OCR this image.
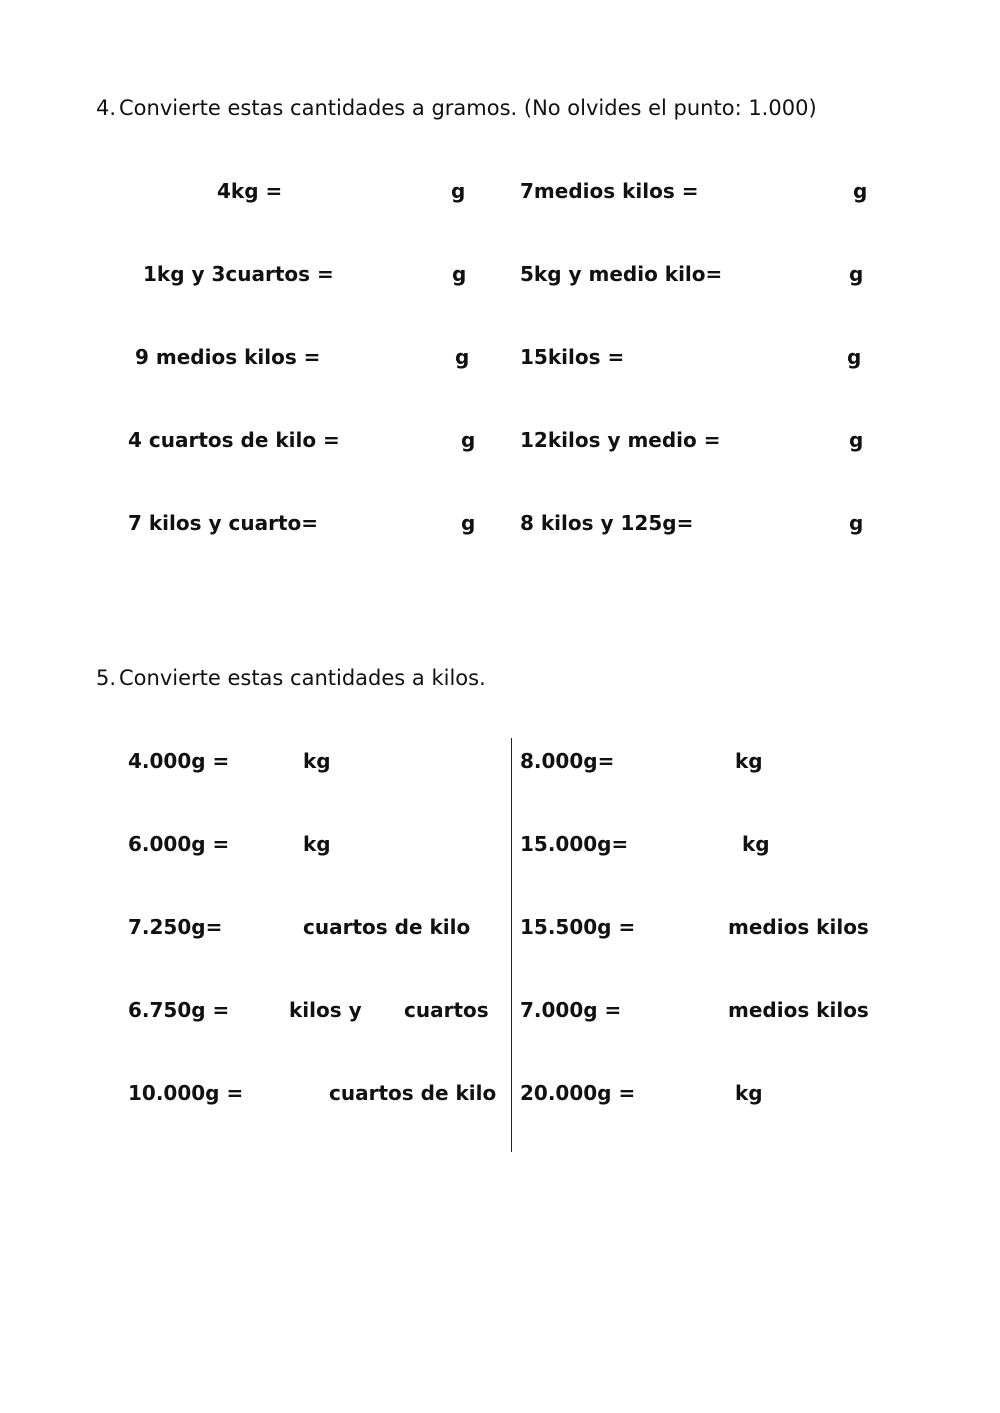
4. Convierte estas cantidades a gramos. (No olvides el punto: 1.000)
4kg =	g	7medios kilos =	g
1kg y 3cuartos =	g	5kg y medio kilo=	g
9 medios kilos =	g	15kilos =	g
4 cuartos de kilo =	g 12kilos y medio =	g
7 kilos y cuarto=	g 8 kilos y 125g=	g
5. Convierte estas cantidades a kilos.
4.000g =	kg	8.000g=	kg
6.000g =	kg	15.000g=	kg
7.250g=	cuartos de kilo 15.500g =	medios kilos
6.750g =	kilos y cuartos 7.000g =	medios kilos
10.000g =	cuartos de kilo 20.000g =	kg
